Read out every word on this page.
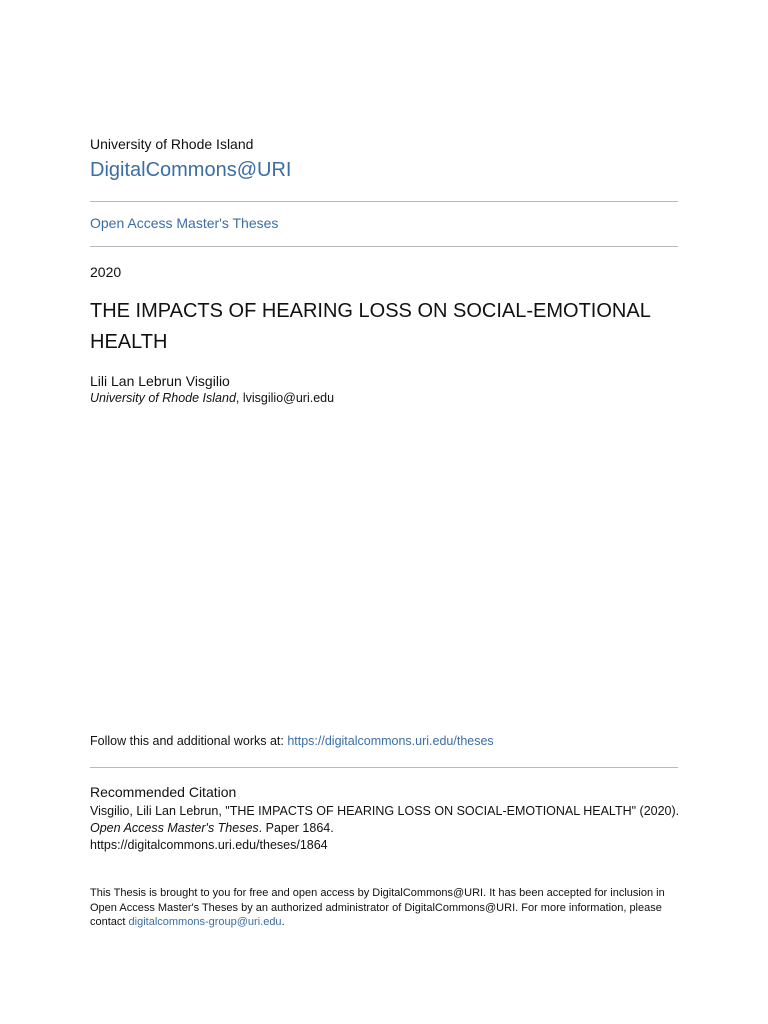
University of Rhode Island
DigitalCommons@URI
Open Access Master's Theses
2020
THE IMPACTS OF HEARING LOSS ON SOCIAL-EMOTIONAL HEALTH
Lili Lan Lebrun Visgilio
University of Rhode Island, lvisgilio@uri.edu
Follow this and additional works at: https://digitalcommons.uri.edu/theses
Recommended Citation
Visgilio, Lili Lan Lebrun, "THE IMPACTS OF HEARING LOSS ON SOCIAL-EMOTIONAL HEALTH" (2020).
Open Access Master's Theses. Paper 1864.
https://digitalcommons.uri.edu/theses/1864
This Thesis is brought to you for free and open access by DigitalCommons@URI. It has been accepted for inclusion in Open Access Master's Theses by an authorized administrator of DigitalCommons@URI. For more information, please contact digitalcommons-group@uri.edu.
